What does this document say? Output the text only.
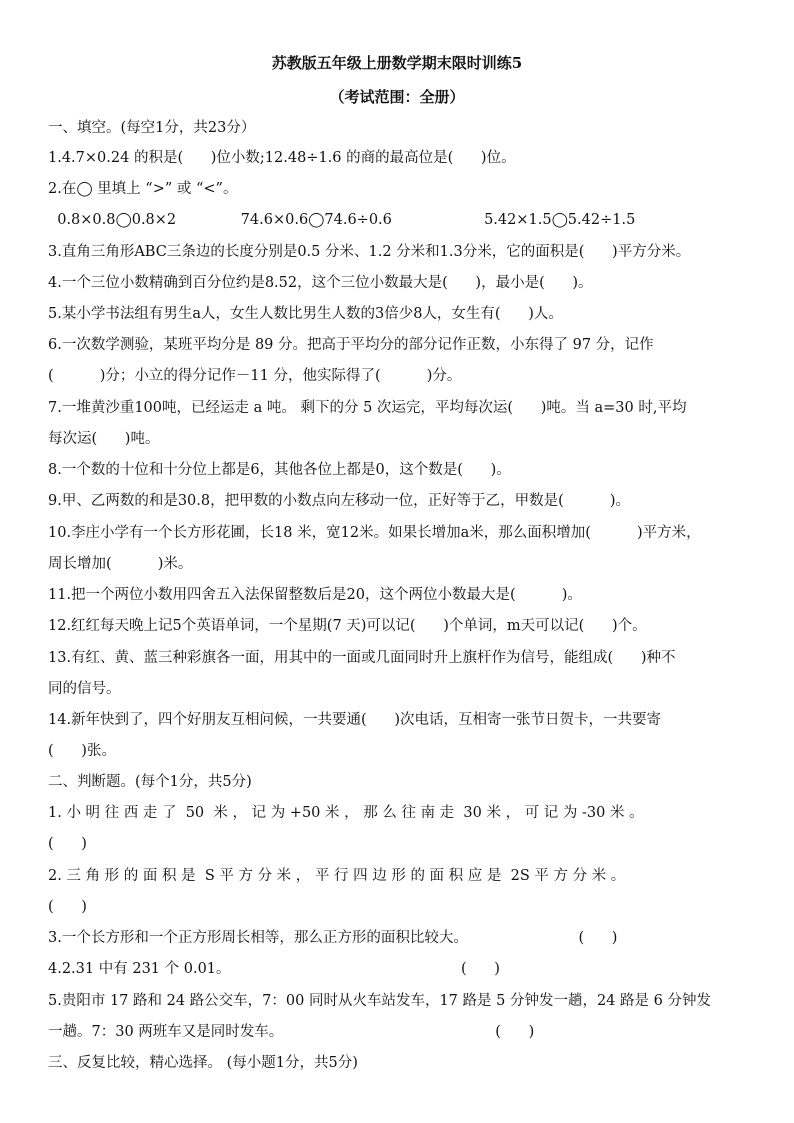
苏教版五年级上册数学期末限时训练5
（考试范围：全册）
一、填空。(每空1分，共23分）
1.4.7×0.24 的积是(      )位小数;12.48÷1.6 的商的最高位是(      )位。
2.在◯ 里填上 “>” 或 “<”。
0.8×0.8◯0.8×2              74.6×0.6◯74.6÷0.6                    5.42×1.5◯5.42÷1.5
3.直角三角形ABC三条边的长度分别是0.5 分米、1.2 分米和1.3分米，它的面积是(      )平方分米。
4.一个三位小数精确到百分位约是8.52，这个三位小数最大是(      )，最小是(      )。
5.某小学书法组有男生a人，女生人数比男生人数的3倍少8人，女生有(      )人。
6.一次数学测验，某班平均分是 89 分。把高于平均分的部分记作正数，小东得了 97 分，记作
(          )分；小立的得分记作－11 分，他实际得了(          )分。
7.一堆黄沙重100吨，已经运走 a 吨。 剩下的分 5 次运完，平均每次运(      )吨。当 a=30 时,平均
每次运(      )吨。
8.一个数的十位和十分位上都是6，其他各位上都是0，这个数是(      )。
9.甲、乙两数的和是30.8，把甲数的小数点向左移动一位，正好等于乙，甲数是(          )。
10.李庄小学有一个长方形花圃，长18 米，宽12米。如果长增加a米，那么面积增加(          )平方米，
周长增加(          )米。
11.把一个两位小数用四舍五入法保留整数后是20，这个两位小数最大是(          )。
12.红红每天晚上记5个英语单词，一个星期(7 天)可以记(      )个单词，m天可以记(      )个。
13.有红、黄、蓝三种彩旗各一面，用其中的一面或几面同时升上旗杆作为信号，能组成(      )种不
同的信号。
14.新年快到了，四个好朋友互相问候，一共要通(      )次电话，互相寄一张节日贺卡，一共要寄
(      )张。
二、判断题。(每个1分，共5分)
1. 小 明 往 西 走 了  50  米 ， 记 为 +50 米 ， 那 么 往 南 走  30 米 ， 可 记 为 -30 米 。
(      )
2. 三 角 形 的 面 积 是  S 平 方 分 米 ， 平 行 四 边 形 的 面 积 应 是  2S 平 方 分 米 。
(      )
3.一个长方形和一个正方形周长相等，那么正方形的面积比较大。                        (      )
4.2.31 中有 231 个 0.01。                                                  (      )
5.贵阳市 17 路和 24 路公交车，7：00 同时从火车站发车，17 路是 5 分钟发一趟，24 路是 6 分钟发
一趟。7：30 两班车又是同时发车。                                              (      )
三、反复比较，精心选择。 (每小题1分，共5分)
